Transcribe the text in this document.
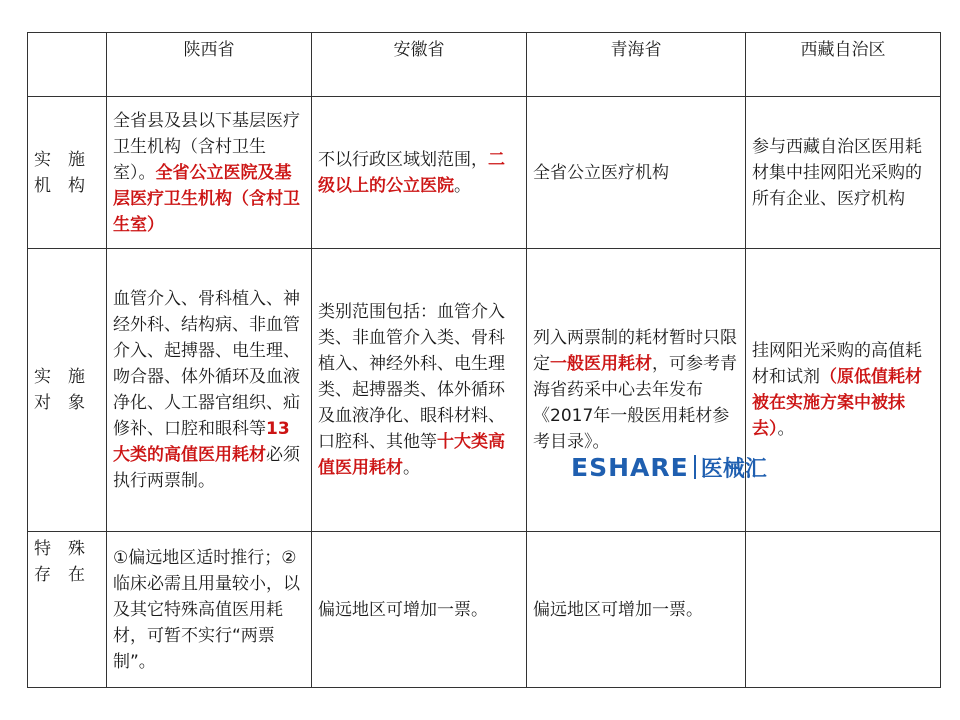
	陕西省	安徽省	青海省	西藏自治区

实　施
机　构	全省县及县以下基层医疗卫生机构（含村卫生室）。全省公立医院及基层医疗卫生机构（含村卫生室）	不以行政区域划范围，二级以上的公立医院。	全省公立医疗机构	参与西藏自治区医用耗材集中挂网阳光采购的所有企业、医疗机构

实　施
对　象	血管介入、骨科植入、神经外科、结构病、非血管介入、起搏器、电生理、吻合器、体外循环及血液净化、人工器官组织、疝修补、口腔和眼科等13大类的高值医用耗材必须执行两票制。	类别范围包括：血管介入类、非血管介入类、骨科植入、神经外科、电生理类、起搏器类、体外循环及血液净化、眼科材料、口腔科、其他等十大类高值医用耗材。	列入两票制的耗材暂时只限定一般医用耗材，可参考青海省药采中心去年发布《2017年一般医用耗材参考目录》。	挂网阳光采购的高值耗材和试剂（原低值耗材被在实施方案中被抹去）。

特　殊
存　在	①偏远地区适时推行；②临床必需且用量较小，以及其它特殊高值医用耗材，可暂不实行“两票制”。	偏远地区可增加一票。	偏远地区可增加一票。	
ESHARE 医械汇
